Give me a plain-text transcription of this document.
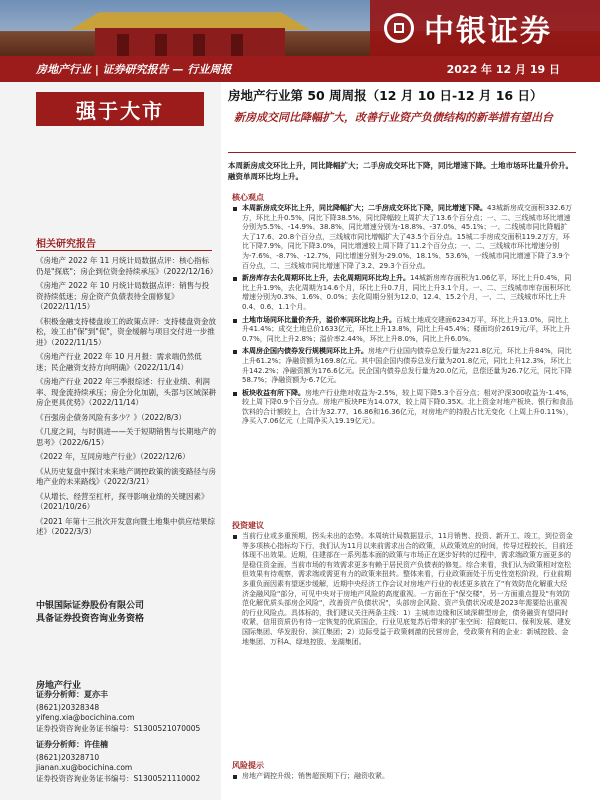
中银证券
房地产行业 | 证券研究报告 — 行业周报	2022 年 12 月 19 日
强于大市
相关研究报告
《房地产 2022 年 11 月统计局数据点评：核心指标仍是"探底"；房企到位资金持续承压》（2022/12/16）
《房地产 2022 年 10 月统计局数据点评：销售与投资持续低迷；房企资产负债表待全面修复》（2022/11/15）
《积极金融支持楼盘竣工的政策点评：支持楼盘资金放松，竣工由"保"到"促"，资金缓解与项目交付进一步推进》（2022/11/15）
《房地产行业 2022 年 10 月月报：需求端仍然低迷；民企融资支持方向明确》（2022/11/14）
《房地产行业 2022 年三季报综述：行业业绩、利润率、现金流持续承压；房企分化加剧，头部与区域深耕房企更具优势》（2022/11/14）
《百强房企债务风险有多少？》（2022/8/3）
《几度之间，与时俱进——关于短期销售与长期地产的思考》（2022/6/15）
《2022 年，互同房地产行业》（2022/12/6）
《从历史复盘中探讨未来地产调控政策的演变路径与房地产业的未来路线》（2022/3/21）
《从增长、经营至杠杆，探寻影响业绩的关键因素》（2021/10/26）
《2021 年第十三批次开发意向暨土地集中供应结果综述》（2022/3/3）
中银国际证券股份有限公司
具备证券投资咨询业务资格
房地产行业
证券分析师：夏亦丰
(8621)20328348
yifeng.xia@bocichina.com
证券投资咨询业务证书编号：S1300521070005
证券分析师：许佳楠
(8621)20328710
jianan.xu@bocichina.com
证券投资咨询业务证书编号：S1300521110002
房地产行业第 50 周周报（12 月 10 日-12 月 16 日）
新房成交同比降幅扩大，改善行业资产负债结构的新举措有望出台
本周新房成交环比上升，同比降幅扩大；二手房成交环比下降，同比增速下降。土地市场环比量升价升。融资单周环比均上升。
核心观点
本周新房成交环比上升，同比降幅扩大；二手房成交环比下降，同比增速下降。43城新房成交面积332.6万方，环比上升0.5%，同比下降38.5%，同比降幅较上周扩大了13.6个百分点；一、二、三线城市环比增速分别为5.5%、-14.9%、38.8%，同比增速分别为-18.8%、-37.0%、45.1%；一、二线城市同比降幅扩大了17.6、20.8个百分点，三线城市同比增幅扩大了43.5个百分点。15城二手房成交面积119.2万方，环比下降7.9%，同比下降3.0%，同比增速较上周下降了11.2个百分点；一、二、三线城市环比增速分别为-7.6%、-8.7%、-12.7%，同比增速分别为-29.0%、18.1%、53.6%，一线城市同比增速下降了3.9个百分点，二、三线城市同比增速下降了3.2、29.3个百分点。
新房库存去化周期环比上升，去化周期同环比均上升。14城新房库存面积为1.06亿平，环比上升0.4%，同比上升1.9%，去化周期为14.6个月，环比上升0.7月，同比上升3.1个月。一、二、三线城市库存面积环比增速分别为0.3%、1.6%、0.0%；去化周期分别为12.0、12.4、15.2个月，一、二、三线城市环比上升0.4、0.6、1.1个月。
土地市场同环比量价齐升，溢价率同环比均上升。百城土地成交建面6234万平，环比上升13.0%，同比上升41.4%；成交土地总价1633亿元，环比上升13.8%，同比上升45.4%；楼面均价2619元/平，环比上升0.7%，同比上升2.8%；溢价率2.44%，环比上升8.0%，同比上升6.0%。
本周房企国内债券发行规模同环比上升。房地产行业国内债券总发行量为221.8亿元，环比上升84%，同比上升61.2%；净融资额为169.8亿元。其中国企国内债券总发行量为201.8亿元，同比上升12.3%，环比上升142.2%；净融资额为176.6亿元。民企国内债券总发行量为20.0亿元，总偿还量为26.7亿元，同比下降58.7%；净融资额为-6.7亿元。
板块收益有所下降。房地产行业绝对收益为-2.5%，较上周下降5.3个百分点；相对沪深300收益为-1.4%，较上周下降0.9个百分点。房地产板块PE为14.07X，较上周下降0.35X。北上资金对地产板块、银行和食品饮料的合计额较上，合计为32.77、16.86和16.36亿元，对房地产的持股占比无变化（上周上升0.11%），净买入7.06亿元（上周净买入19.19亿元）。
投资建议
当前行业或多重预期，拐头未出的态势。本周统计局数据显示，11月销售、投资、新开工、竣工，到位资金等多项核心指标均下行，我们认为11月以来前需求出合的政策，从政策效应的时间，传导过程较长，目前还体现不出效果。近期，住建部在一系列基本面的政策与市场正在逐步好转的过程中，需求端政策方面更多的是稳住资金面，当前市场的有效需求更多有赖于居民资产负债表的修复。综合来看，我们认为政策相对宽松但效果有待观察，需求端或需更有力的政策来扭转。整体来看，行业政策面处于历史性宽松阶段，行业前期多重负面因素有望逐步缓解，近期中央经济工作会议对房地产行业的表述更多放在了"有效防范化解重大经济金融风险"部分，可见中央对于房地产风险的高度重视。一方面在于"保交楼"，另一方面重点提及"有效防范化解优质头部房企风险"，改善资产负债状况"，头部房企风险、资产负债状况或是2023年需要给出重视的行业风险点。具体标的，我们建议关注两条主线：1）主城市边缘和区域深耕型房企，债务融资有望同时收紧，信用资质仍有待一定恢复的优质国企，行业见底复苏后带来的扩张空间：招商蛇口、保利发展、建发国际集团、华发股份、滨江集团；2）边际受益于政策刺激的民营房企，受政策有利的企业：新城控股、金地集团、万科A、绿地控股、龙湖集团。
风险提示
房地产调控升级；销售超预期下行；融资收紧。
